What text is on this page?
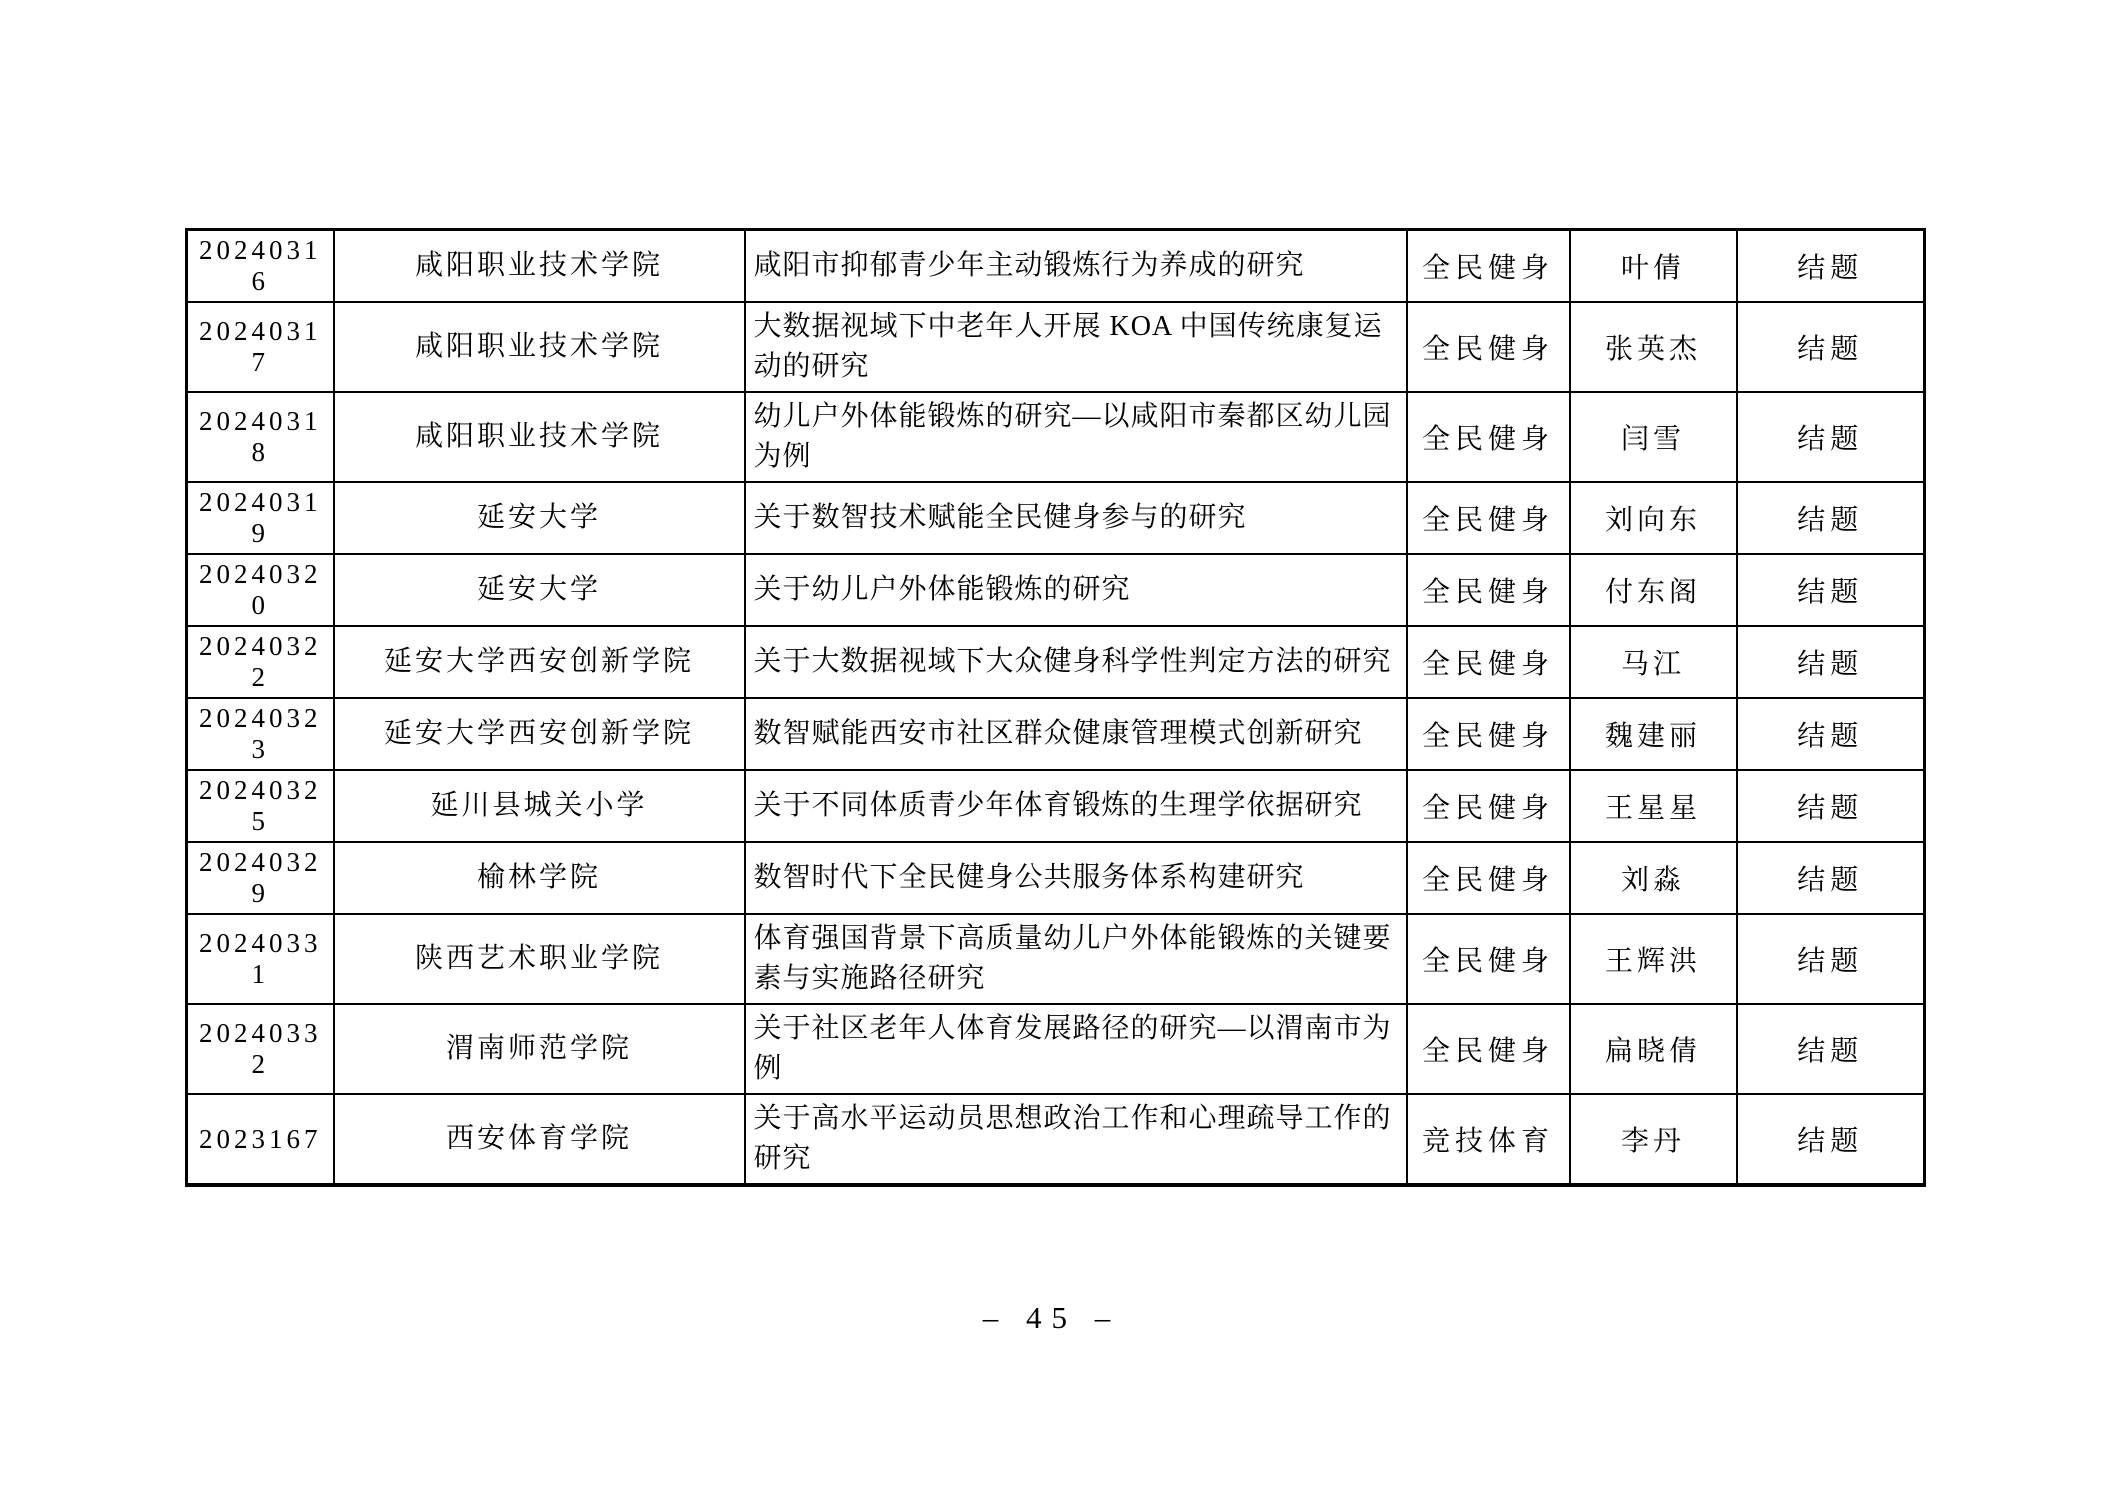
20240316	咸阳职业技术学院	咸阳市抑郁青少年主动锻炼行为养成的研究	全民健身	叶倩	结题
20240317	咸阳职业技术学院	大数据视域下中老年人开展 KOA 中国传统康复运动的研究	全民健身	张英杰	结题
20240318	咸阳职业技术学院	幼儿户外体能锻炼的研究—以咸阳市秦都区幼儿园为例	全民健身	闫雪	结题
20240319	延安大学	关于数智技术赋能全民健身参与的研究	全民健身	刘向东	结题
20240320	延安大学	关于幼儿户外体能锻炼的研究	全民健身	付东阁	结题
20240322	延安大学西安创新学院	关于大数据视域下大众健身科学性判定方法的研究	全民健身	马江	结题
20240323	延安大学西安创新学院	数智赋能西安市社区群众健康管理模式创新研究	全民健身	魏建丽	结题
20240325	延川县城关小学	关于不同体质青少年体育锻炼的生理学依据研究	全民健身	王星星	结题
20240329	榆林学院	数智时代下全民健身公共服务体系构建研究	全民健身	刘淼	结题
20240331	陕西艺术职业学院	体育强国背景下高质量幼儿户外体能锻炼的关键要素与实施路径研究	全民健身	王辉洪	结题
20240332	渭南师范学院	关于社区老年人体育发展路径的研究—以渭南市为例	全民健身	扁晓倩	结题
2023167	西安体育学院	关于高水平运动员思想政治工作和心理疏导工作的研究	竞技体育	李丹	结题
– 45 –
